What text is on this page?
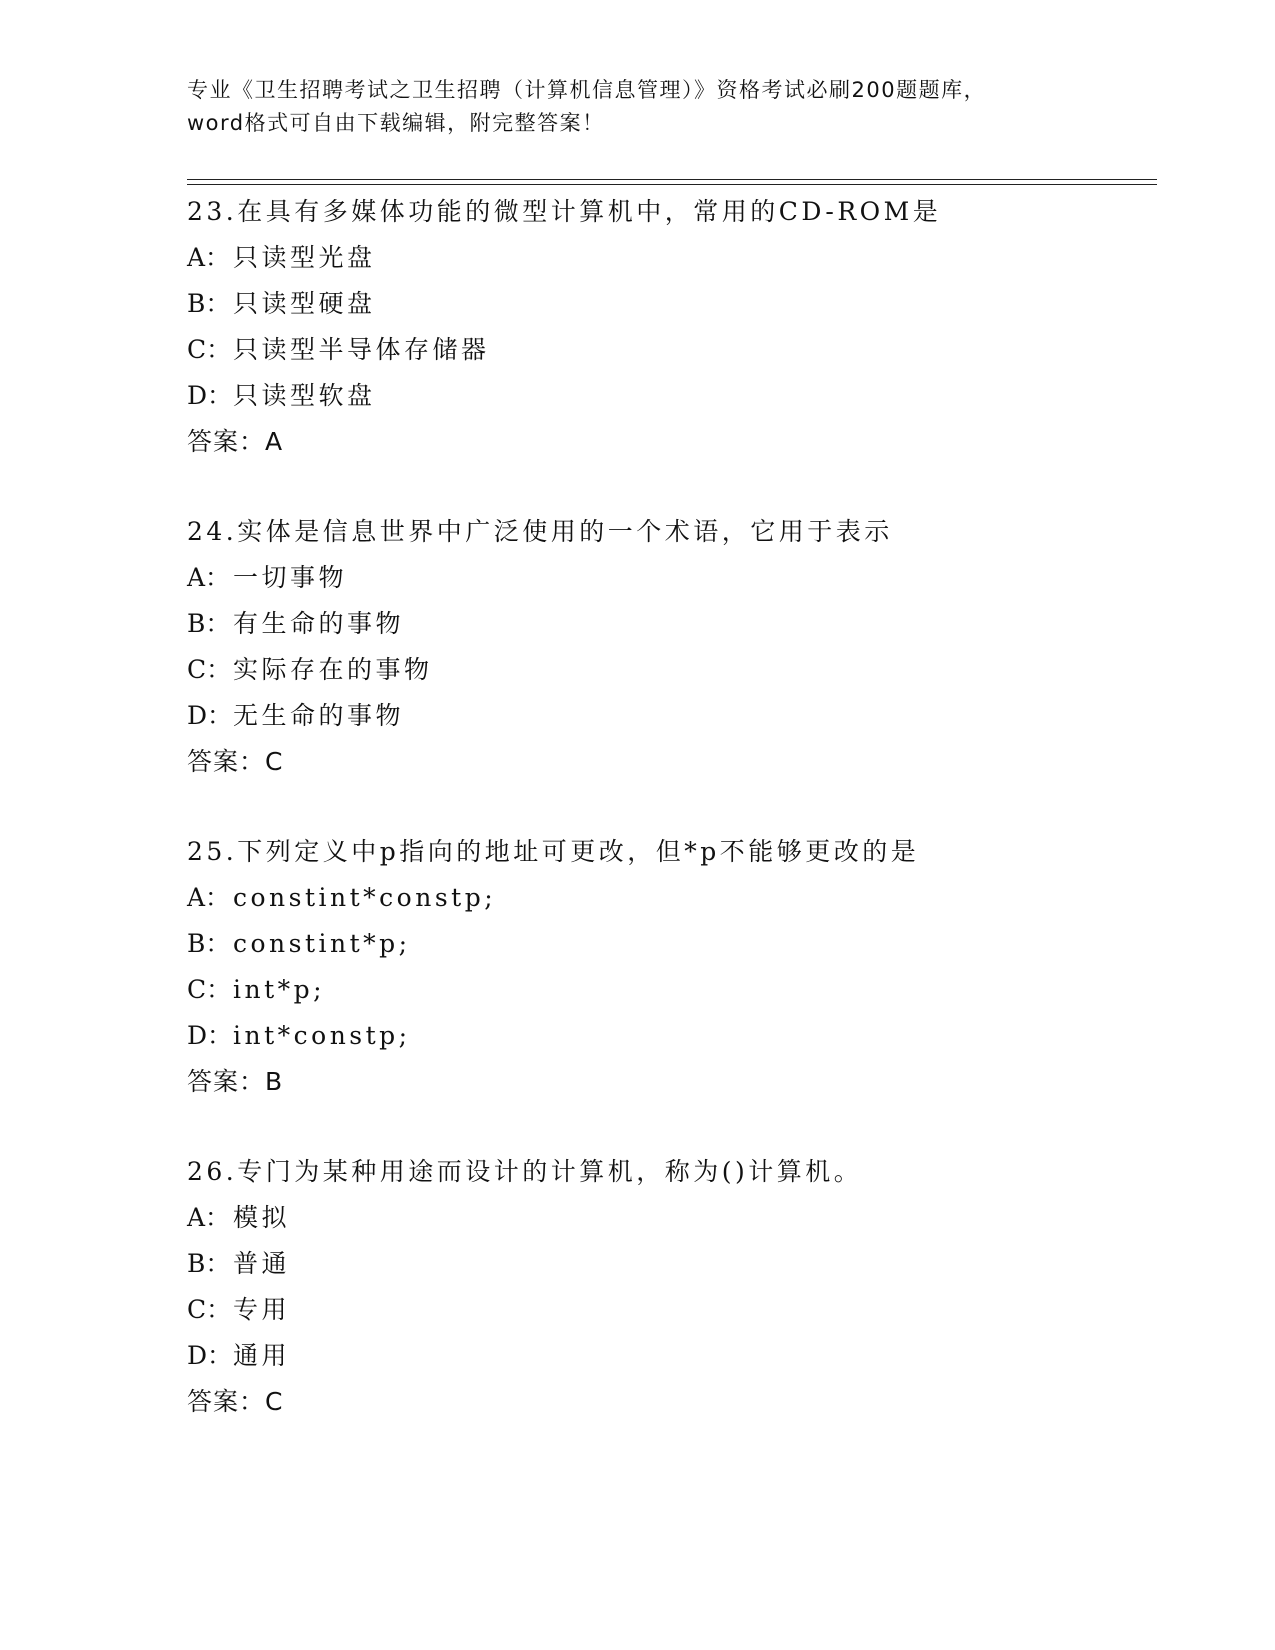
专业《卫生招聘考试之卫生招聘（计算机信息管理）》资格考试必刷200题题库，
word格式可自由下载编辑，附完整答案！
23.在具有多媒体功能的微型计算机中，常用的CD-ROM是
A： 只读型光盘
B： 只读型硬盘
C：只读型半导体存储器
D：只读型软盘
答案：A
24.实体是信息世界中广泛使用的一个术语，它用于表示
A： 一切事物
B： 有生命的事物
C：实际存在的事物
D：无生命的事物
答案：C
25.下列定义中p指向的地址可更改，但*p不能够更改的是
A： constint*constp;
B： constint*p;
C：int*p;
D：int*constp;
答案：B
26.专门为某种用途而设计的计算机，称为()计算机。
A： 模拟
B： 普通
C：专用
D：通用
答案：C
